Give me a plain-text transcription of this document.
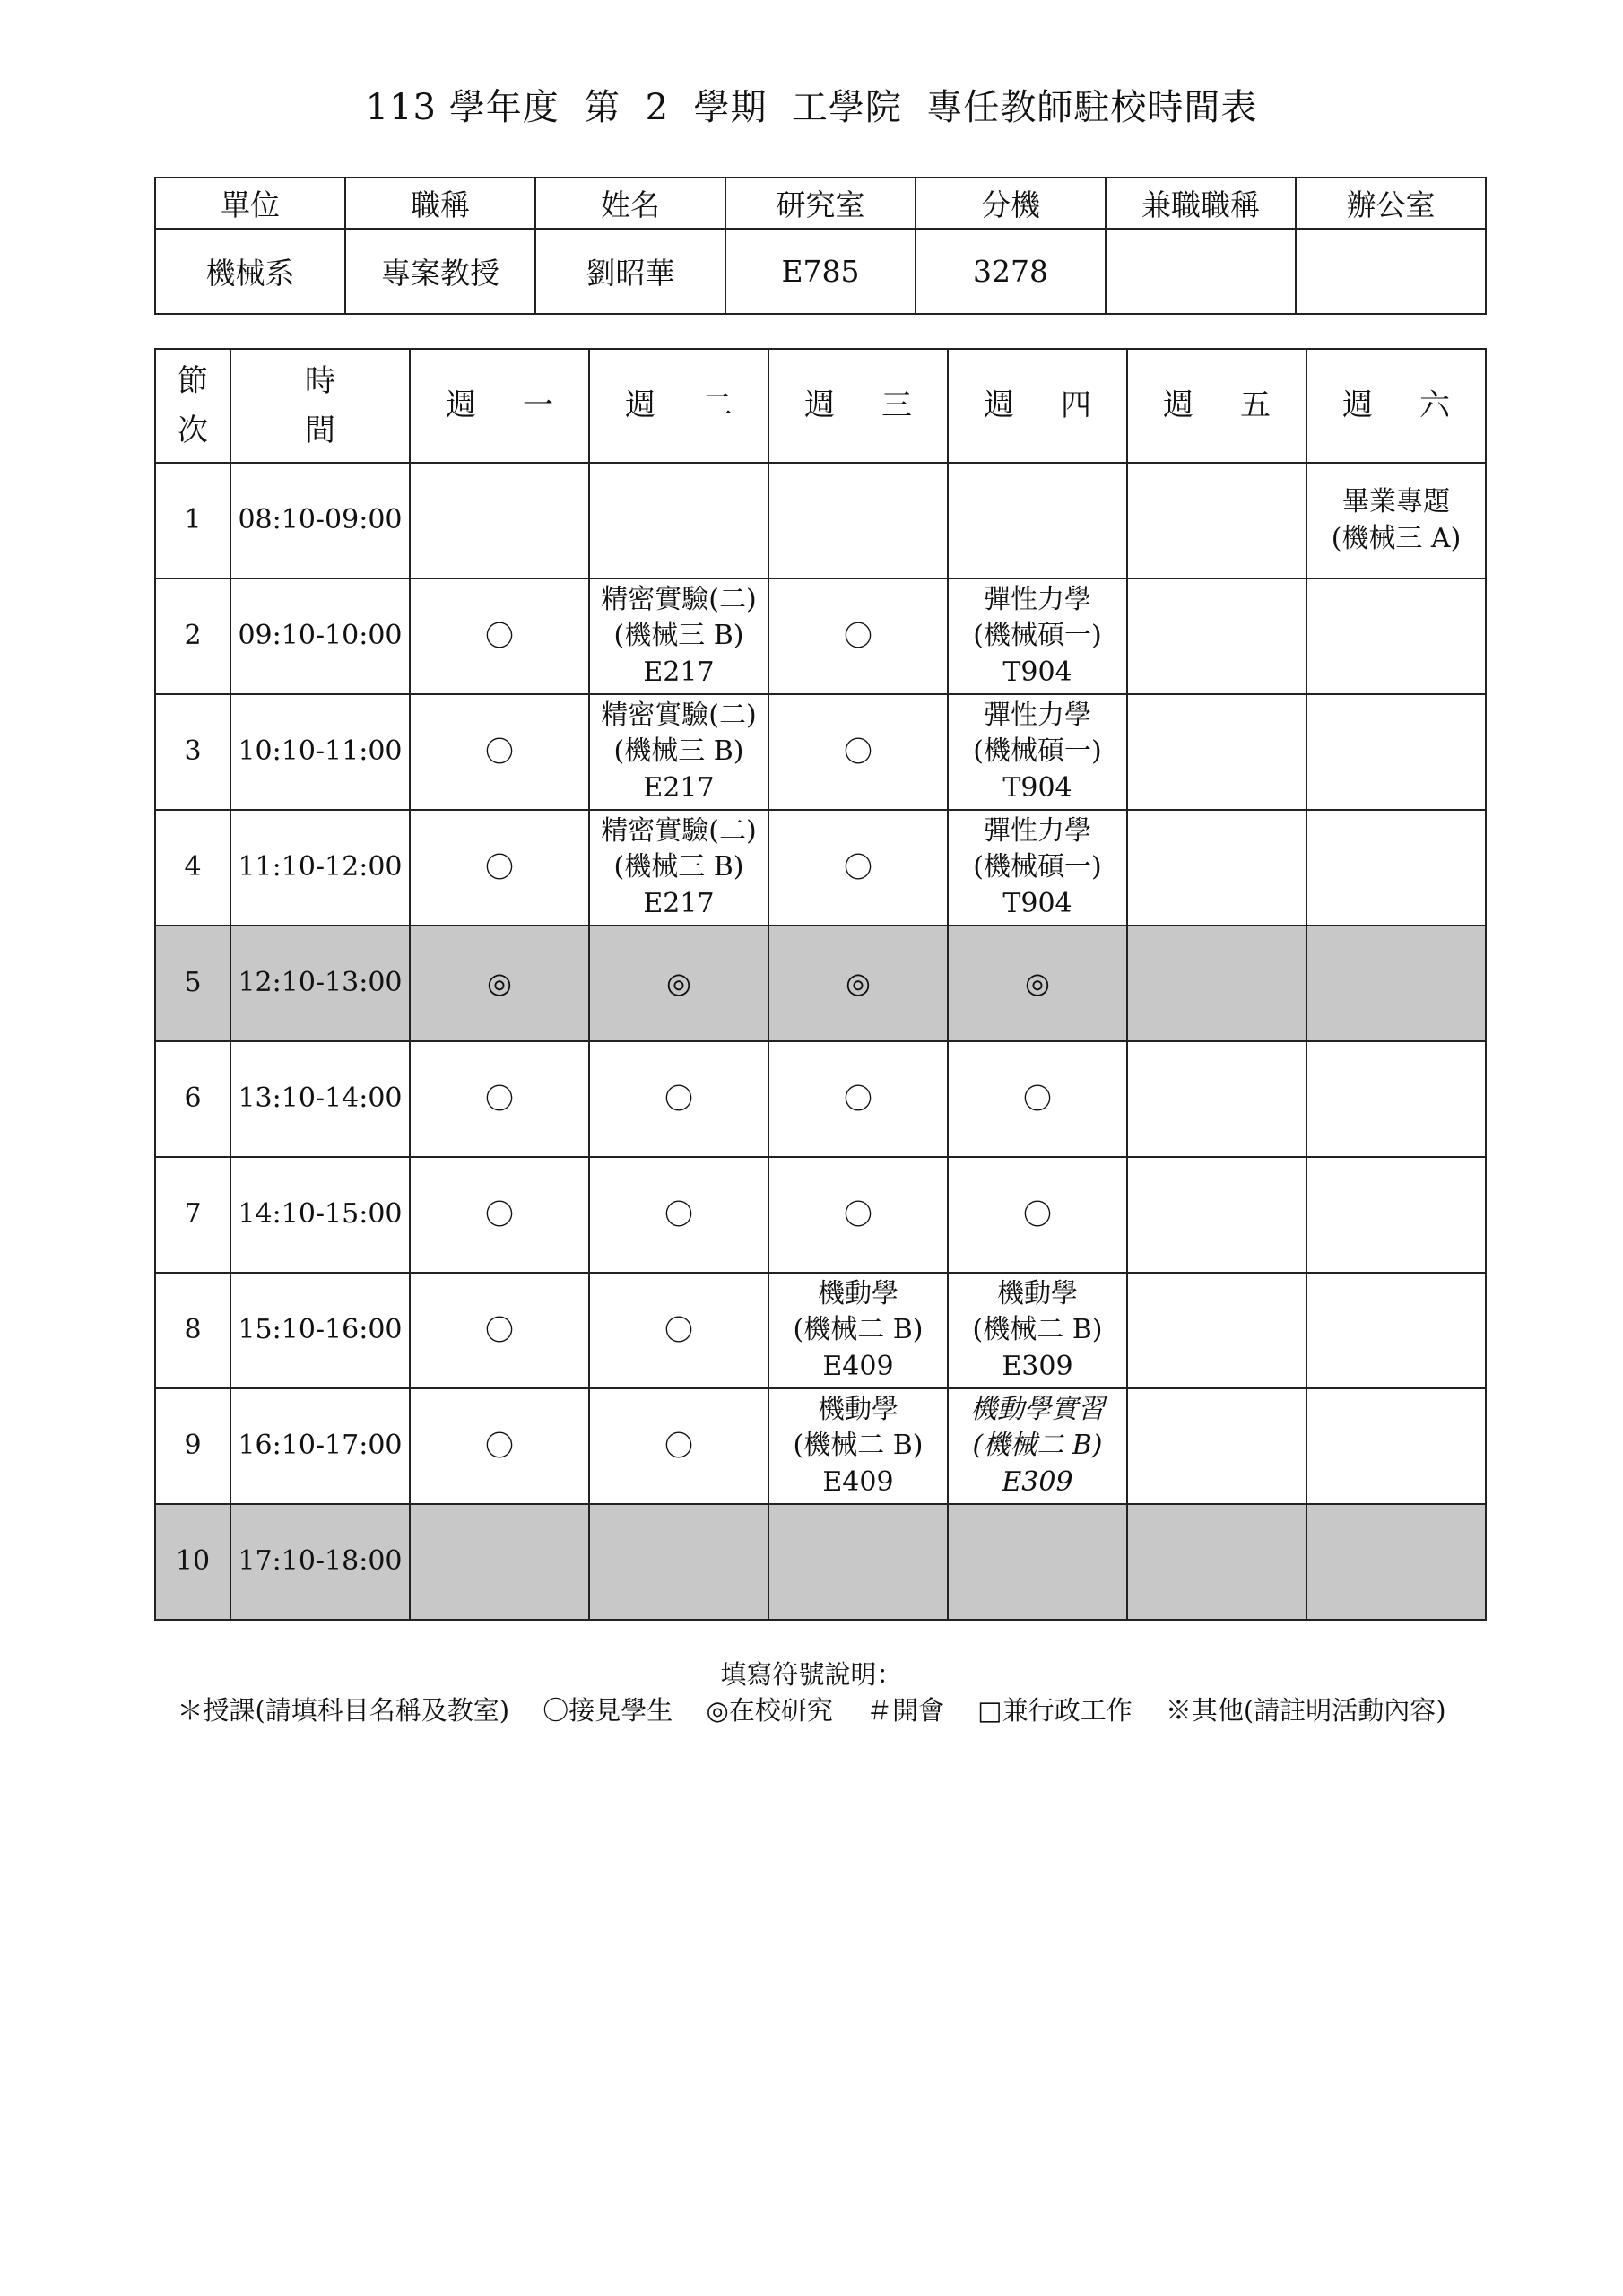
113 學年度  第  2  學期  工學院  專任教師駐校時間表
單位	職稱	姓名	研究室	分機	兼職職稱	辦公室
機械系	專案教授	劉昭華	E785	3278		
節
次	時
間	週一	週二	週三	週四	週五	週六
1	08:10-09:00						畢業專題
(機械三 A)
2	09:10-10:00	〇	精密實驗(二)
(機械三 B)
E217	〇	彈性力學
(機械碩一)
T904		
3	10:10-11:00	〇	精密實驗(二)
(機械三 B)
E217	〇	彈性力學
(機械碩一)
T904		
4	11:10-12:00	〇	精密實驗(二)
(機械三 B)
E217	〇	彈性力學
(機械碩一)
T904		
5	12:10-13:00	◎	◎	◎	◎		
6	13:10-14:00	〇	〇	〇	〇		
7	14:10-15:00	〇	〇	〇	〇		
8	15:10-16:00	〇	〇	機動學
(機械二 B)
E409	機動學
(機械二 B)
E309		
9	16:10-17:00	〇	〇	機動學
(機械二 B)
E409	機動學實習
(機械二 B)
E309		
10	17:10-18:00						
填寫符號說明：
＊授課(請填科目名稱及教室) 〇接見學生 ◎在校研究 ＃開會 □兼行政工作 ※其他(請註明活動內容)
